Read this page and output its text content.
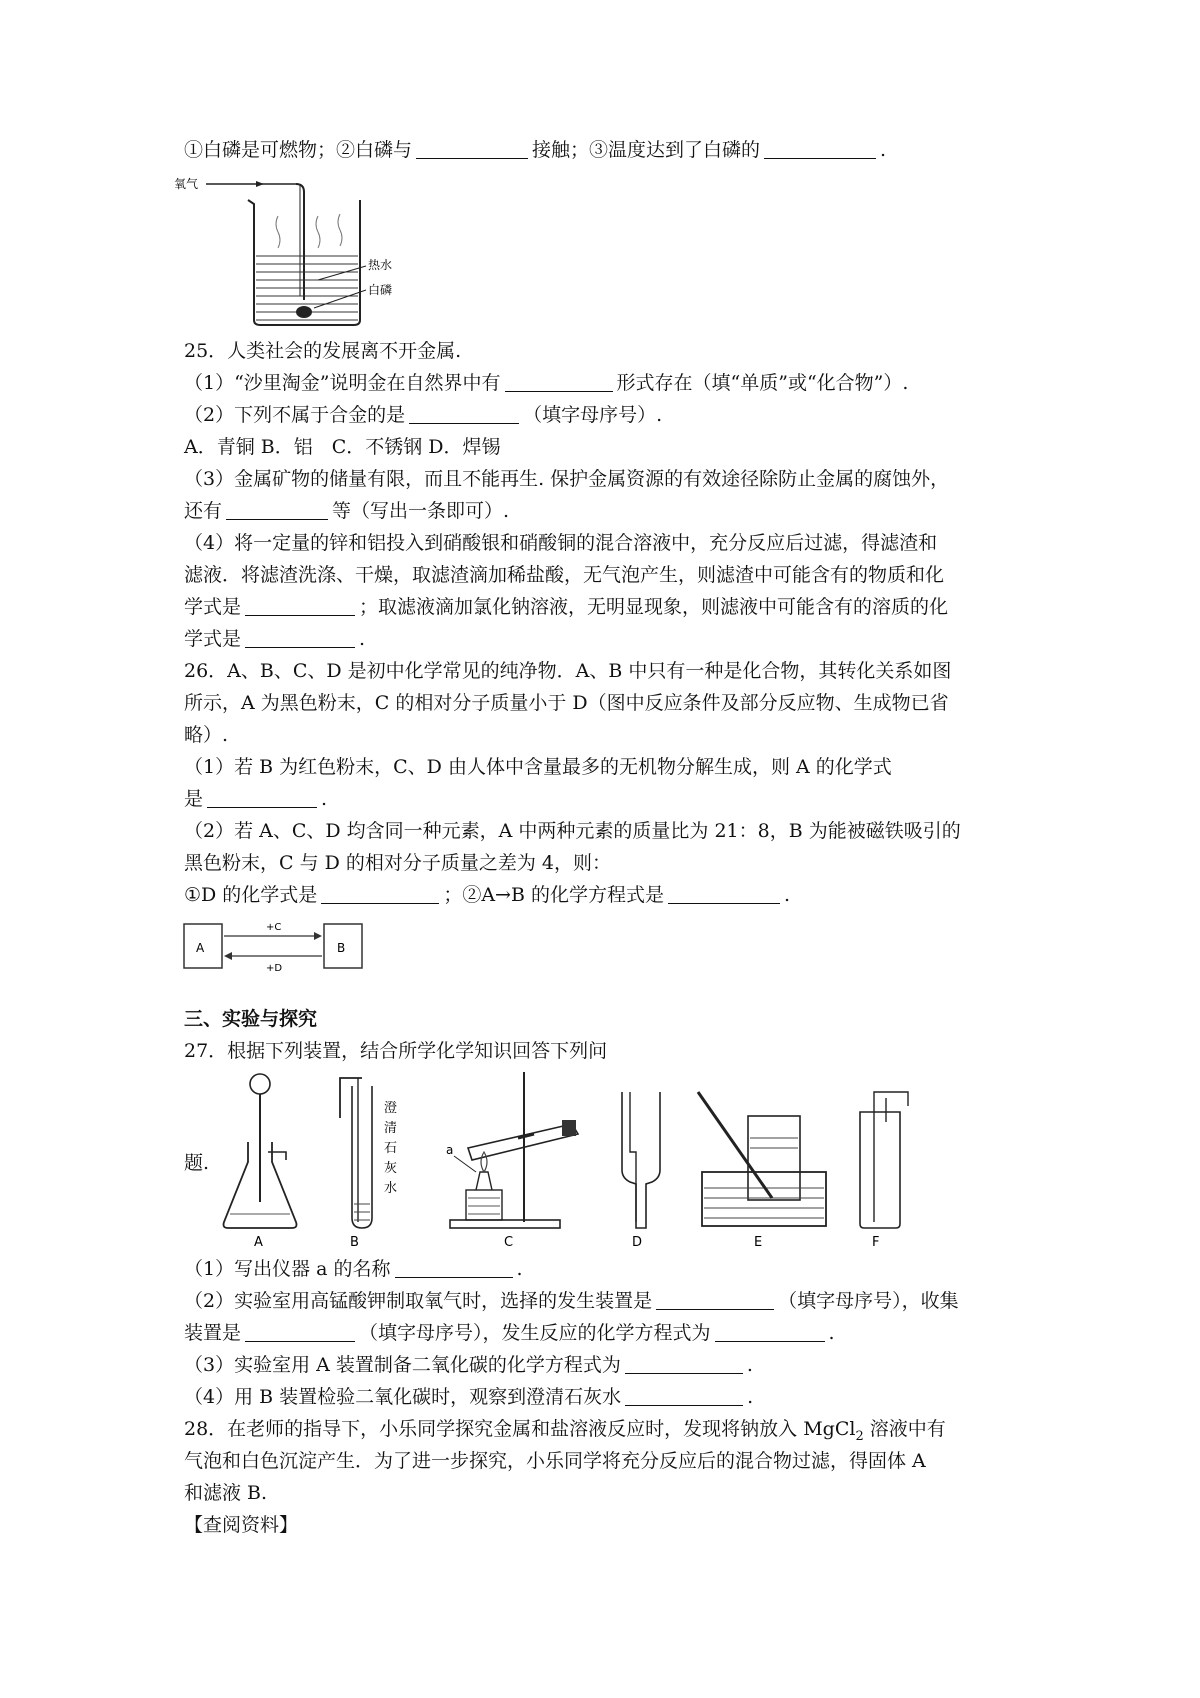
①白磷是可燃物；②白磷与	接触；③温度达到了白磷的	.
氧气
热水
白磷
25．人类社会的发展离不开金属.
（1）“沙里淘金”说明金在自然界中有	形式存在（填“单质”或“化合物”）.
（2）下列不属于合金的是	（填字母序号）.
A．青铜 B．铝　C．不锈钢 D．焊锡
（3）金属矿物的储量有限，而且不能再生. 保护金属资源的有效途径除防止金属的腐蚀外，
还有	等（写出一条即可）.
（4）将一定量的锌和铝投入到硝酸银和硝酸铜的混合溶液中，充分反应后过滤，得滤渣和
滤液．将滤渣洗涤、干燥，取滤渣滴加稀盐酸，无气泡产生，则滤渣中可能含有的物质和化
学式是	；取滤液滴加氯化钠溶液，无明显现象，则滤液中可能含有的溶质的化
学式是	.
26．A、B、C、D 是初中化学常见的纯净物．A、B 中只有一种是化合物，其转化关系如图
所示，A 为黑色粉末，C 的相对分子质量小于 D（图中反应条件及部分反应物、生成物已省
略）.
（1）若 B 为红色粉末，C、D 由人体中含量最多的无机物分解生成，则 A 的化学式
是	.
（2）若 A、C、D 均含同一种元素，A 中两种元素的质量比为 21：8，B 为能被磁铁吸引的
黑色粉末，C 与 D 的相对分子质量之差为 4，则：
①D 的化学式是	；②A→B 的化学方程式是	.
A	B
+C
+D
三、实验与探究
27．根据下列装置，结合所学化学知识回答下列问
题.
A
澄
清
石
灰
水
B
a
C	D	E	F
（1）写出仪器 a 的名称	.
（2）实验室用高锰酸钾制取氧气时，选择的发生装置是	（填字母序号），收集
装置是	（填字母序号），发生反应的化学方程式为	.
（3）实验室用 A 装置制备二氧化碳的化学方程式为	.
（4）用 B 装置检验二氧化碳时，观察到澄清石灰水	.
28．在老师的指导下，小乐同学探究金属和盐溶液反应时，发现将钠放入 MgCl$_2$ 溶液中有
气泡和白色沉淀产生．为了进一步探究，小乐同学将充分反应后的混合物过滤，得固体 A
和滤液 B.
【查阅资料】
